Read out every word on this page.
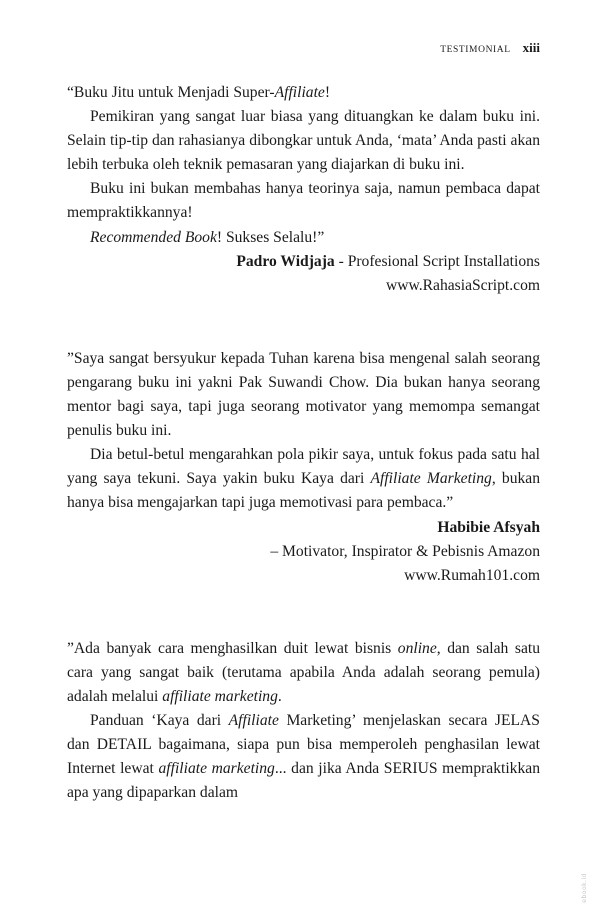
TESTIMONIAL xiii

“Buku Jitu untuk Menjadi Super-Affiliate!

Pemikiran yang sangat luar biasa yang dituangkan ke dalam buku ini. Selain tip-tip dan rahasianya dibongkar untuk Anda, ‘mata’ Anda pasti akan lebih terbuka oleh teknik pemasaran yang diajarkan di buku ini.

Buku ini bukan membahas hanya teorinya saja, namun pembaca dapat mempraktikkannya!

Recommended Book! Sukses Selalu!”

Padro Widjaja - Profesional Script Installations
www.RahasiaScript.com

”Saya sangat bersyukur kepada Tuhan karena bisa mengenal salah seorang pengarang buku ini yakni Pak Suwandi Chow. Dia bukan hanya seorang mentor bagi saya, tapi juga seorang motivator yang memompa semangat penulis buku ini.

Dia betul-betul mengarahkan pola pikir saya, untuk fokus pada satu hal yang saya tekuni. Saya yakin buku Kaya dari Affiliate Marketing, bukan hanya bisa mengajarkan tapi juga memotivasi para pembaca.”

Habibie Afsyah
– Motivator, Inspirator & Pebisnis Amazon
www.Rumah101.com

”Ada banyak cara menghasilkan duit lewat bisnis online, dan salah satu cara yang sangat baik (terutama apabila Anda adalah seorang pemula) adalah melalui affiliate marketing.

Panduan ‘Kaya dari Affiliate Marketing’ menjelaskan secara JELAS dan DETAIL bagaimana, siapa pun bisa memperoleh penghasilan lewat Internet lewat affiliate marketing... dan jika Anda SERIUS mempraktikkan apa yang dipaparkan dalam

ebook.id
